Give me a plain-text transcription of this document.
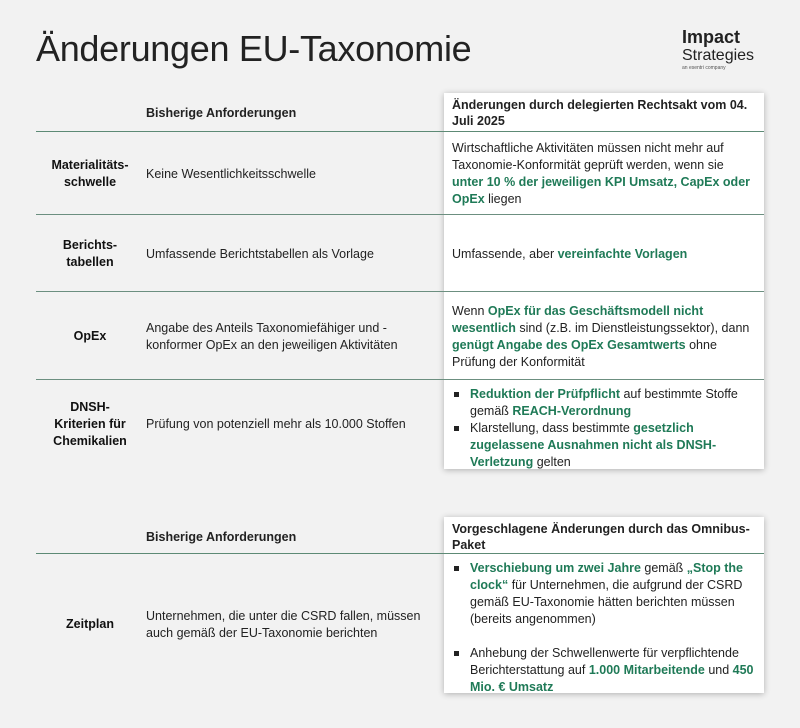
Änderungen EU-Taxonomie	Impact
Strategies
an esentri company
Bisherige Anforderungen
Änderungen durch delegierten Rechtsakt vom 04. Juli 2025
Materialitäts-
schwelle
Keine Wesentlichkeitsschwelle
Wirtschaftliche Aktivitäten müssen nicht mehr auf Taxonomie-Konformität geprüft werden, wenn sie unter 10 % der jeweiligen KPI Umsatz, CapEx oder OpEx liegen
Berichts-
tabellen
Umfassende Berichtstabellen als Vorlage	Umfassende, aber vereinfachte Vorlagen
OpEx
Angabe des Anteils Taxonomiefähiger und -konformer OpEx an den jeweiligen Aktivitäten
Wenn OpEx für das Geschäftsmodell nicht wesentlich sind (z.B. im Dienstleistungssektor), dann genügt Angabe des OpEx Gesamtwerts ohne Prüfung der Konformität
DNSH-
Kriterien für
Chemikalien
Prüfung von potenziell mehr als 10.000 Stoffen
Reduktion der Prüfpflicht auf bestimmte Stoffe gemäß REACH-Verordnung
Klarstellung, dass bestimmte gesetzlich zugelassene Ausnahmen nicht als DNSH-Verletzung gelten
Bisherige Anforderungen
Vorgeschlagene Änderungen durch das Omnibus-Paket
Zeitplan
Unternehmen, die unter die CSRD fallen, müssen auch gemäß der EU-Taxonomie berichten
Verschiebung um zwei Jahre gemäß „Stop the clock“ für Unternehmen, die aufgrund der CSRD gemäß EU-Taxonomie hätten berichten müssen (bereits angenommen)
Anhebung der Schwellenwerte für verpflichtende Berichterstattung auf 1.000 Mitarbeitende und 450 Mio. € Umsatz
